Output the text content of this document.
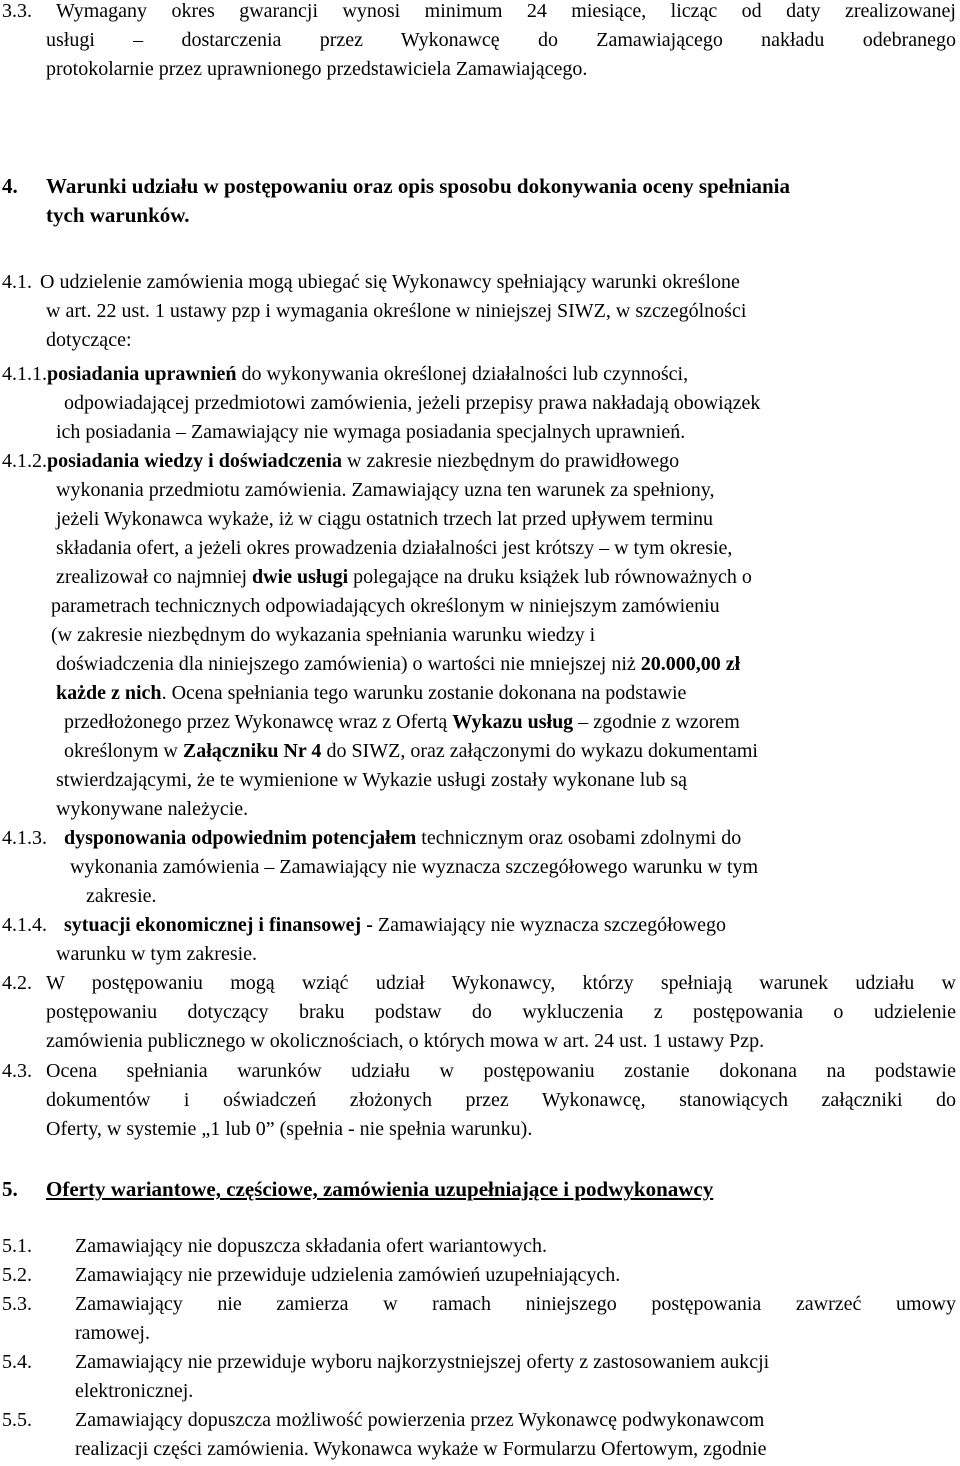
3.3. Wymagany okres gwarancji wynosi minimum 24 miesiące, licząc od daty zrealizowanej
usługi – dostarczenia przez Wykonawcę do Zamawiającego nakładu odebranego
protokolarnie przez uprawnionego przedstawiciela Zamawiającego.
4. Warunki udziału w postępowaniu oraz opis sposobu dokonywania oceny spełniania
tych warunków.
4.1. O udzielenie zamówienia mogą ubiegać się Wykonawcy spełniający warunki określone
w art. 22 ust. 1 ustawy pzp i wymagania określone w niniejszej SIWZ, w szczególności
dotyczące:
4.1.1.posiadania uprawnień do wykonywania określonej działalności lub czynności,
odpowiadającej przedmiotowi zamówienia, jeżeli przepisy prawa nakładają obowiązek
ich posiadania – Zamawiający nie wymaga posiadania specjalnych uprawnień.
4.1.2.posiadania wiedzy i doświadczenia w zakresie niezbędnym do prawidłowego
wykonania przedmiotu zamówienia. Zamawiający uzna ten warunek za spełniony,
jeżeli Wykonawca wykaże, iż w ciągu ostatnich trzech lat przed upływem terminu
składania ofert, a jeżeli okres prowadzenia działalności jest krótszy – w tym okresie,
zrealizował co najmniej dwie usługi polegające na druku książek lub równoważnych o
parametrach technicznych odpowiadających określonym w niniejszym zamówieniu
(w zakresie niezbędnym do wykazania spełniania warunku wiedzy i
doświadczenia dla niniejszego zamówienia) o wartości nie mniejszej niż 20.000,00 zł
każde z nich. Ocena spełniania tego warunku zostanie dokonana na podstawie
przedłożonego przez Wykonawcę wraz z Ofertą Wykazu usług – zgodnie z wzorem
określonym w Załączniku Nr 4 do SIWZ, oraz załączonymi do wykazu dokumentami
stwierdzającymi, że te wymienione w Wykazie usługi zostały wykonane lub są
wykonywane należycie.
4.1.3. dysponowania odpowiednim potencjałem technicznym oraz osobami zdolnymi do
wykonania zamówienia – Zamawiający nie wyznacza szczegółowego warunku w tym
zakresie.
4.1.4. sytuacji ekonomicznej i finansowej - Zamawiający nie wyznacza szczegółowego
warunku w tym zakresie.
4.2. W postępowaniu mogą wziąć udział Wykonawcy, którzy spełniają warunek udziału w
postępowaniu dotyczący braku podstaw do wykluczenia z postępowania o udzielenie
zamówienia publicznego w okolicznościach, o których mowa w art. 24 ust. 1 ustawy Pzp.
4.3. Ocena spełniania warunków udziału w postępowaniu zostanie dokonana na podstawie
dokumentów i oświadczeń złożonych przez Wykonawcę, stanowiących załączniki do
Oferty, w systemie „1 lub 0” (spełnia - nie spełnia warunku).
5. Oferty wariantowe, częściowe, zamówienia uzupełniające i podwykonawcy
5.1. Zamawiający nie dopuszcza składania ofert wariantowych.
5.2. Zamawiający nie przewiduje udzielenia zamówień uzupełniających.
5.3. Zamawiający nie zamierza w ramach niniejszego postępowania zawrzeć umowy
ramowej.
5.4. Zamawiający nie przewiduje wyboru najkorzystniejszej oferty z zastosowaniem aukcji
elektronicznej.
5.5. Zamawiający dopuszcza możliwość powierzenia przez Wykonawcę podwykonawcom
realizacji części zamówienia. Wykonawca wykaże w Formularzu Ofertowym, zgodnie
